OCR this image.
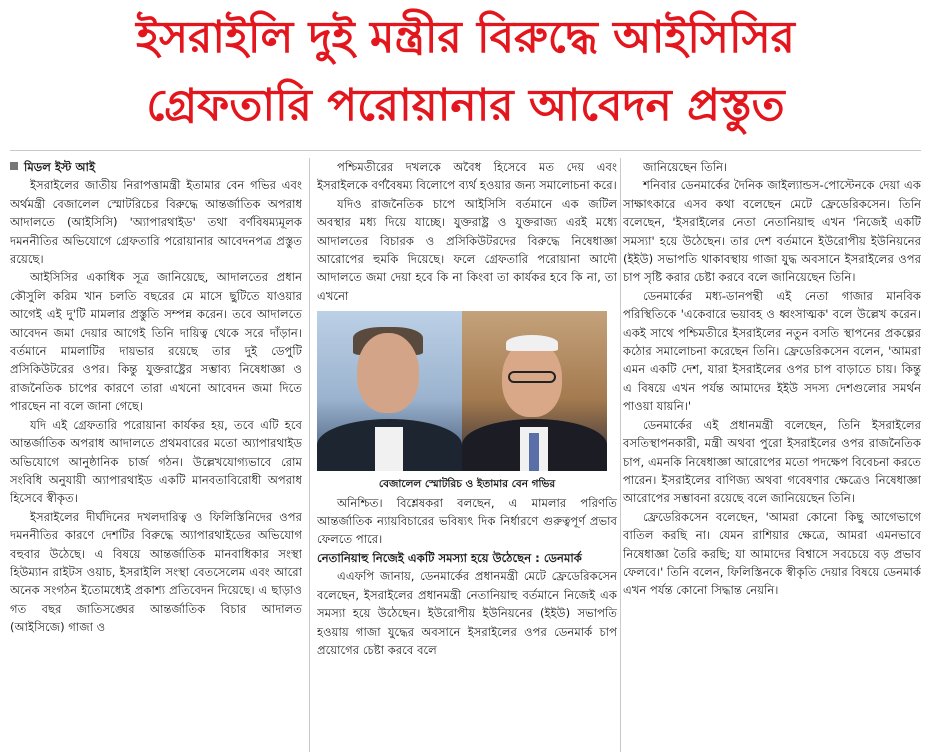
ইসরাইলি দুই মন্ত্রীর বিরুদ্ধে আইসিসির
গ্রেফতারি পরোয়ানার আবেদন প্রস্তুত

মিডল ইস্ট আই

ইসরাইলের জাতীয় নিরাপত্তামন্ত্রী ইতামার বেন গভির এবং অর্থমন্ত্রী বেজালেল স্মোটরিচের বিরুদ্ধে আন্তর্জাতিক অপরাধ আদালতে (আইসিসি) 'অ্যাপারথাইড' তথা বর্ণবিষম্যমূলক দমননীতির অভিযোগে গ্রেফতারি পরোয়ানার আবেদনপত্র প্রস্তুত রয়েছে।

আইসিসির একাধিক সূত্র জানিয়েছে, আদালতের প্রধান কৌসুলি করিম খান চলতি বছরের মে মাসে ছুটিতে যাওয়ার আগেই এই দু'টি মামলার প্রস্তুতি সম্পন্ন করেন। তবে আদালতে আবেদন জমা দেয়ার আগেই তিনি দায়িত্ব থেকে সরে দাঁড়ান। বর্তমানে মামলাটির দায়ভার রয়েছে তার দুই ডেপুটি প্রসিকিউটরের ওপর। কিন্তু যুক্তরাষ্ট্রের সম্ভাব্য নিষেধাজ্ঞা ও রাজনৈতিক চাপের কারণে তারা এখনো আবেদন জমা দিতে পারছেন না বলে জানা গেছে।

যদি এই গ্রেফতারি পরোয়ানা কার্যকর হয়, তবে এটি হবে আন্তর্জাতিক অপরাধ আদালতে প্রথমবারের মতো অ্যাপারথাইড অভিযোগে আনুষ্ঠানিক চার্জ গঠন। উল্লেখযোগ্যভাবে রোম সংবিধি অনুযায়ী অ্যাপারথাইড একটি মানবতাবিরোধী অপরাধ হিসেবে স্বীকৃত।

ইসরাইলের দীর্ঘদিনের দখলদারিত্ব ও ফিলিস্তিনিদের ওপর দমননীতির কারণে দেশটির বিরুদ্ধে অ্যাপারথাইডের অভিযোগ বহুবার উঠেছে। এ বিষয়ে আন্তর্জাতিক মানবাধিকার সংস্থা হিউম্যান রাইটস ওয়াচ, ইসরাইলি সংস্থা বেতসেলেম এবং আরো অনেক সংগঠন ইতোমধ্যেই প্রকাশ্য প্রতিবেদন দিয়েছে। এ ছাড়াও গত বছর জাতিসঙ্ঘের আন্তর্জাতিক বিচার আদালত (আইসিজে) গাজা ও

পশ্চিমতীরের দখলকে অবৈধ হিসেবে মত দেয় এবং ইসরাইলকে বর্ণবৈষম্য বিলোপে ব্যর্থ হওয়ার জন্য সমালোচনা করে।

যদিও রাজনৈতিক চাপে আইসিসি বর্তমানে এক জটিল অবস্থার মধ্য দিয়ে যাচ্ছে। যুক্তরাষ্ট্র ও যুক্তরাজ্য এরই মধ্যে আদালতের বিচারক ও প্রসিকিউটরদের বিরুদ্ধে নিষেধাজ্ঞা আরোপের হুমকি দিয়েছে। ফলে গ্রেফতারি পরোয়ানা আদৌ আদালতে জমা দেয়া হবে কি না কিংবা তা কার্যকর হবে কি না, তা এখনো

বেজালেল স্মোটরিচ ও ইতামার বেন গভির

অনিশ্চিত। বিশ্লেষকরা বলছেন, এ মামলার পরিণতি আন্তর্জাতিক ন্যায়বিচারের ভবিষ্যৎ দিক নির্ধারণে গুরুত্বপূর্ণ প্রভাব ফেলতে পারে।

নেতানিয়াহু নিজেই একটি সমস্যা হয়ে উঠেছেন : ডেনমার্ক

এএফপি জানায়, ডেনমার্কের প্রধানমন্ত্রী মেটে ফ্রেডেরিকসেন বলেছেন, ইসরাইলের প্রধানমন্ত্রী নেতানিয়াহু বর্তমানে নিজেই এক সমস্যা হয়ে উঠেছেন। ইউরোপীয় ইউনিয়নের (ইইউ) সভাপতি হওয়ায় গাজা যুদ্ধের অবসানে ইসরাইলের ওপর ডেনমার্ক চাপ প্রয়োগের চেষ্টা করবে বলে

জানিয়েছেন তিনি।

শনিবার ডেনমার্কের দৈনিক জাইল্যান্ডস-পোস্টেনকে দেয়া এক সাক্ষাৎকারে এসব কথা বলেছেন মেটে ফ্রেডেরিকসেন। তিনি বলেছেন, 'ইসরাইলের নেতা নেতানিয়াহু এখন 'নিজেই একটি সমস্যা' হয়ে উঠেছেন। তার দেশ বর্তমানে ইউরোপীয় ইউনিয়নের (ইইউ) সভাপতি থাকাবস্থায় গাজা যুদ্ধ অবসানে ইসরাইলের ওপর চাপ সৃষ্টি করার চেষ্টা করবে বলে জানিয়েছেন তিনি।

ডেনমার্কের মধ্য-ডানপন্থী এই নেতা গাজার মানবিক পরিস্থিতিকে 'একেবারে ভয়াবহ ও ধ্বংসাত্মক' বলে উল্লেখ করেন। একই সাথে পশ্চিমতীরে ইসরাইলের নতুন বসতি স্থাপনের প্রকল্পের কঠোর সমালোচনা করেছেন তিনি। ফ্রেডেরিকসেন বলেন, 'আমরা এমন একটি দেশ, যারা ইসরাইলের ওপর চাপ বাড়াতে চায়। কিন্তু এ বিষয়ে এখন পর্যন্ত আমাদের ইইউ সদস্য দেশগুলোর সমর্থন পাওয়া যায়নি।'

ডেনমার্কের এই প্রধানমন্ত্রী বলেছেন, তিনি ইসরাইলের বসতিস্থাপনকারী, মন্ত্রী অথবা পুরো ইসরাইলের ওপর রাজনৈতিক চাপ, এমনকি নিষেধাজ্ঞা আরোপের মতো পদক্ষেপ বিবেচনা করতে পারেন। ইসরাইলের বাণিজ্য অথবা গবেষণার ক্ষেত্রেও নিষেধাজ্ঞা আরোপের সম্ভাবনা রয়েছে বলে জানিয়েছেন তিনি।

ফ্রেডেরিকসেন বলেছেন, 'আমরা কোনো কিছু আগেভাগে বাতিল করছি না। যেমন রাশিয়ার ক্ষেত্রে, আমরা এমনভাবে নিষেধাজ্ঞা তৈরি করছি; যা আমাদের বিশ্বাসে সবচেয়ে বড় প্রভাব ফেলবে।' তিনি বলেন, ফিলিস্তিনকে স্বীকৃতি দেয়ার বিষয়ে ডেনমার্ক এখন পর্যন্ত কোনো সিদ্ধান্ত নেয়নি।
